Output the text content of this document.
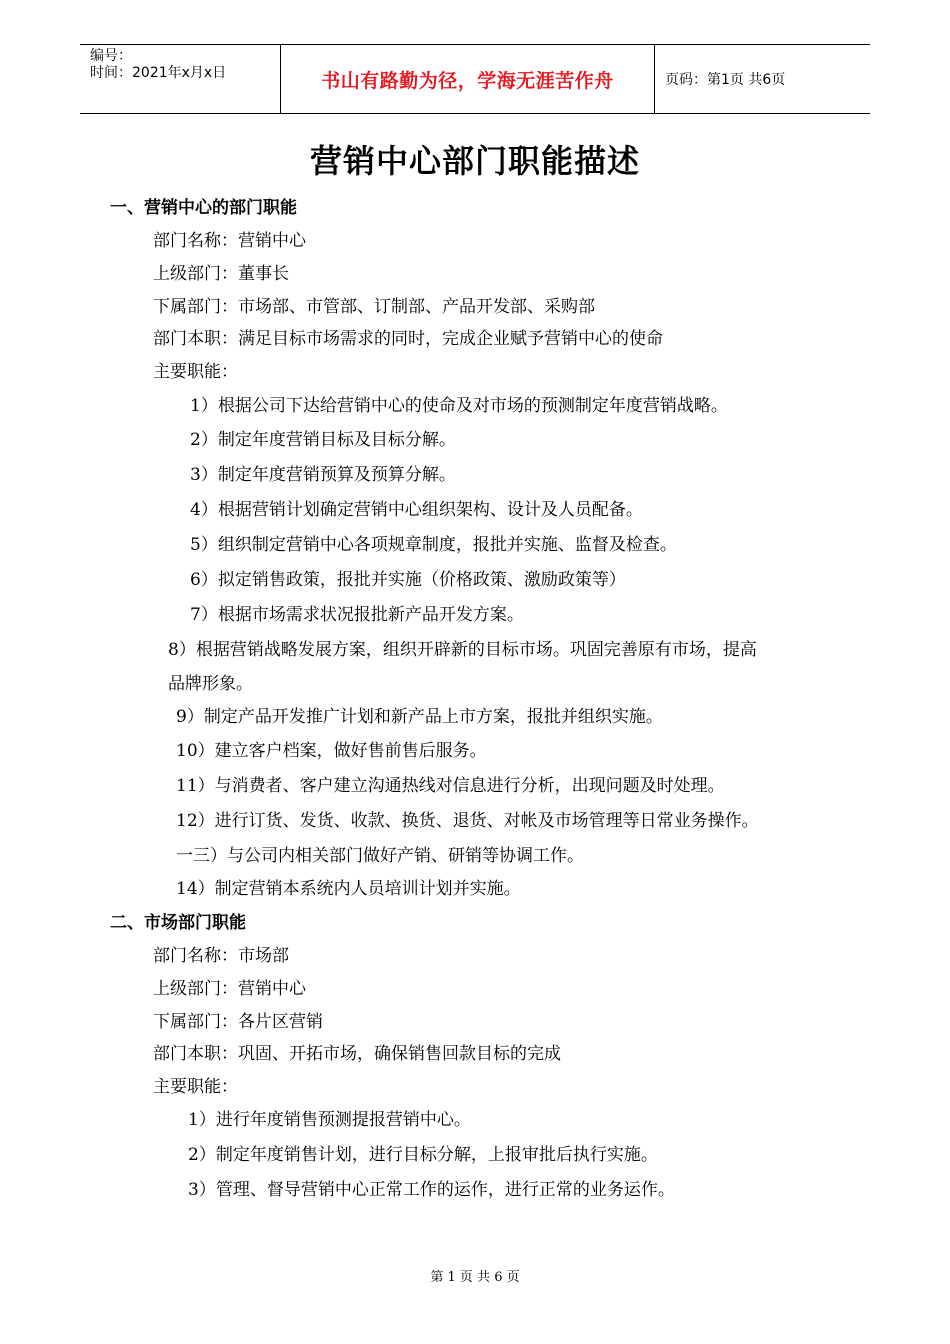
编号：
时间：2021年x月x日	书山有路勤为径，学海无涯苦作舟	页码：第1页 共6页
营销中心部门职能描述
一、营销中心的部门职能
部门名称：营销中心
上级部门：董事长
下属部门：市场部、市管部、订制部、产品开发部、采购部
部门本职：满足目标市场需求的同时，完成企业赋予营销中心的使命
主要职能：
1）根据公司下达给营销中心的使命及对市场的预测制定年度营销战略。
2）制定年度营销目标及目标分解。
3）制定年度营销预算及预算分解。
4）根据营销计划确定营销中心组织架构、设计及人员配备。
5）组织制定营销中心各项规章制度，报批并实施、监督及检查。
6）拟定销售政策，报批并实施（价格政策、激励政策等）
7）根据市场需求状况报批新产品开发方案。
8）根据营销战略发展方案，组织开辟新的目标市场。巩固完善原有市场，提高
品牌形象。
9）制定产品开发推广计划和新产品上市方案，报批并组织实施。
10）建立客户档案，做好售前售后服务。
11）与消费者、客户建立沟通热线对信息进行分析，出现问题及时处理。
12）进行订货、发货、收款、换货、退货、对帐及市场管理等日常业务操作。
一三）与公司内相关部门做好产销、研销等协调工作。
14）制定营销本系统内人员培训计划并实施。
二、市场部门职能
部门名称：市场部
上级部门：营销中心
下属部门：各片区营销
部门本职：巩固、开拓市场，确保销售回款目标的完成
主要职能：
1）进行年度销售预测提报营销中心。
2）制定年度销售计划，进行目标分解，上报审批后执行实施。
3）管理、督导营销中心正常工作的运作，进行正常的业务运作。
第 1 页 共 6 页
